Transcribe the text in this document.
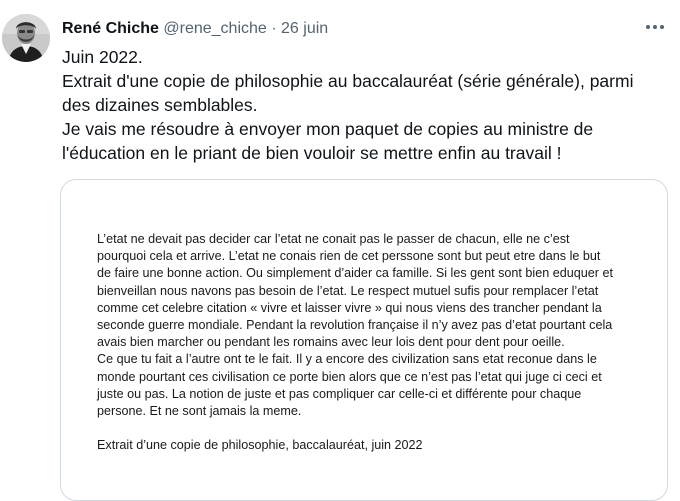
René Chiche @rene_chiche · 26 juin
Juin 2022.
Extrait d'une copie de philosophie au baccalauréat (série générale), parmi
des dizaines semblables.
Je vais me résoudre à envoyer mon paquet de copies au ministre de
l'éducation en le priant de bien vouloir se mettre enfin au travail !
L’etat ne devait pas decider car l’etat ne conait pas le passer de chacun, elle ne c’est
pourquoi cela et arrive. L’etat ne conais rien de cet perssone sont but peut etre dans le but
de faire une bonne action. Ou simplement d’aider ca famille. Si les gent sont bien eduquer et
bienveillan nous navons pas besoin de l’etat. Le respect mutuel sufis pour remplacer l’etat
comme cet celebre citation « vivre et laisser vivre » qui nous viens des trancher pendant la
seconde guerre mondiale. Pendant la revolution française il n’y avez pas d’etat pourtant cela
avais bien marcher ou pendant les romains avec leur lois dent pour dent pour oeille.
Ce que tu fait a l’autre ont te le fait. Il y a encore des civilization sans etat reconue dans le
monde pourtant ces civilisation ce porte bien alors que ce n’est pas l’etat qui juge ci ceci et
juste ou pas. La notion de juste et pas compliquer car celle-ci et différente pour chaque
persone. Et ne sont jamais la meme.
Extrait d’une copie de philosophie, baccalauréat, juin 2022
